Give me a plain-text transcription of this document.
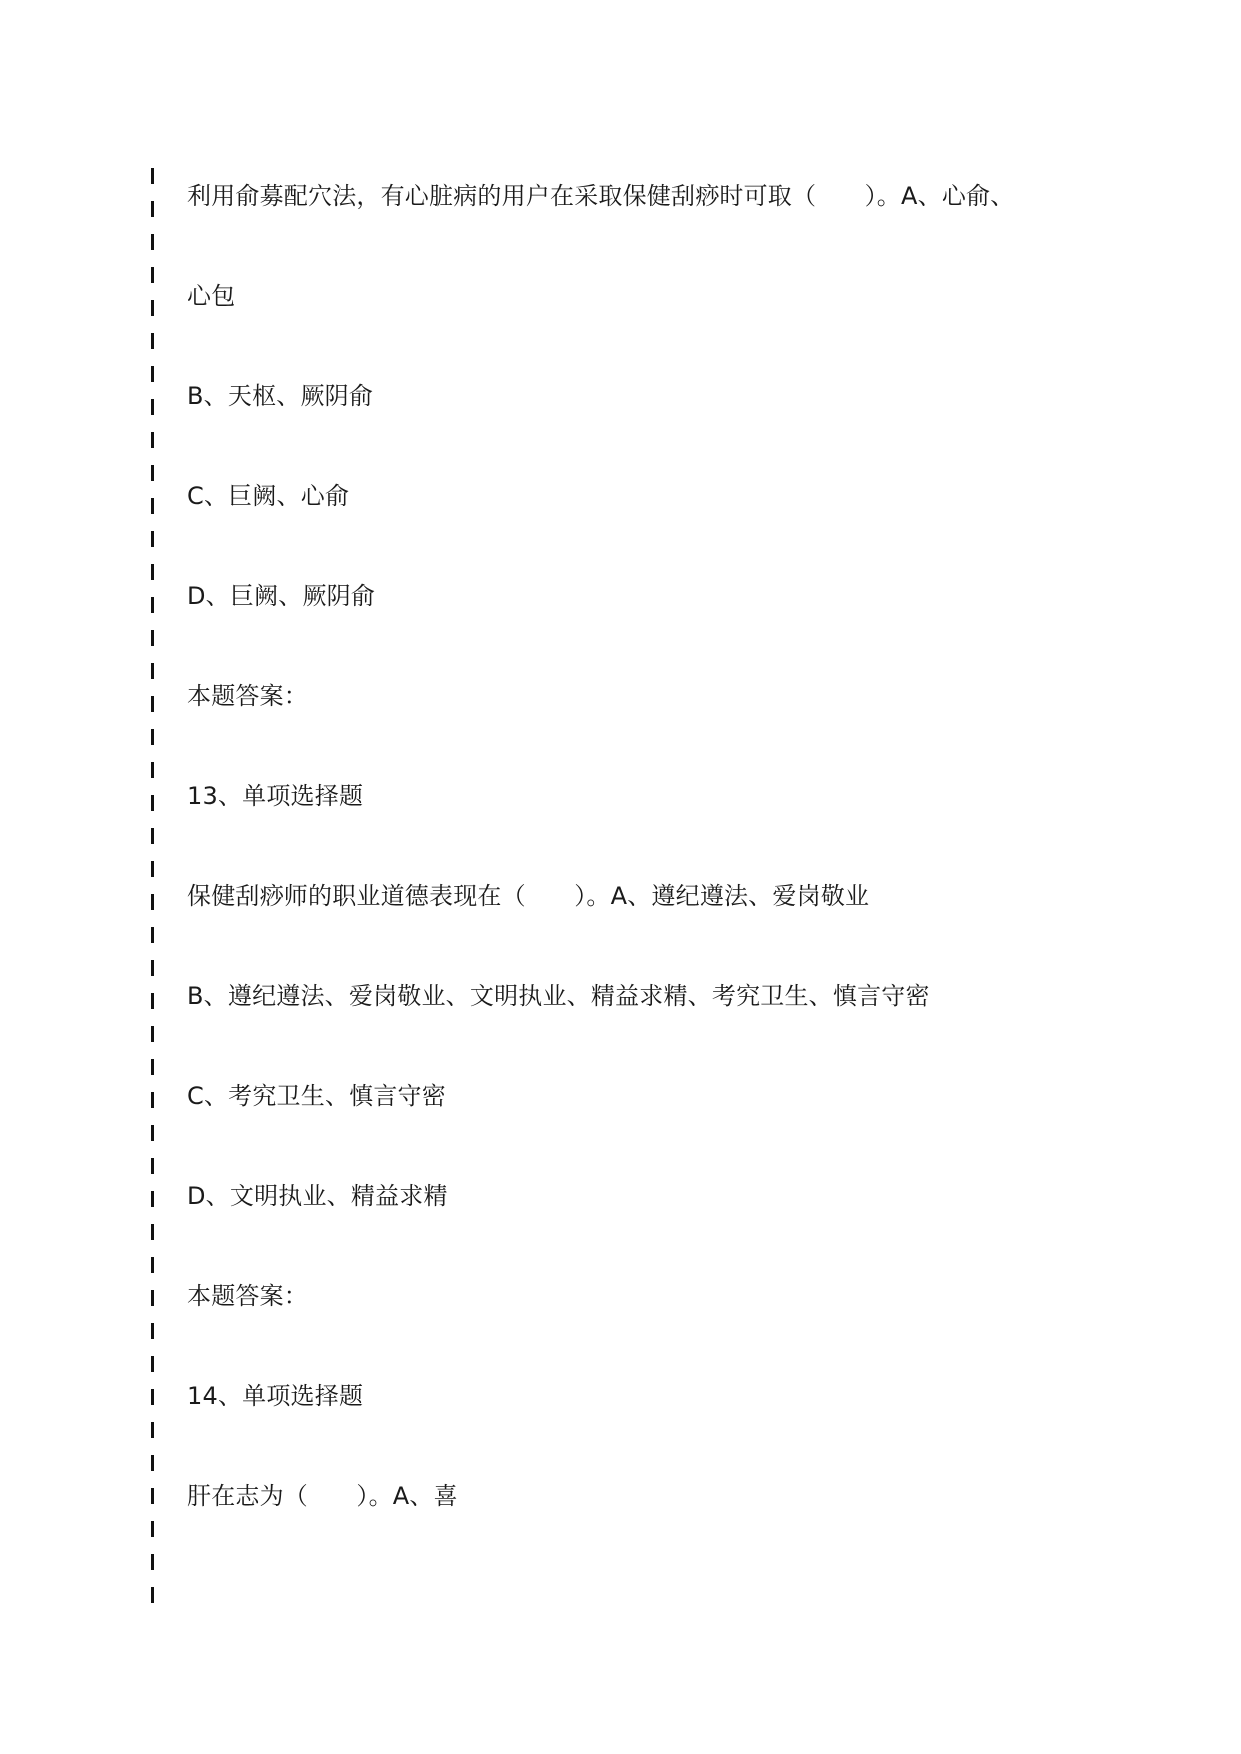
利用俞募配穴法，有心脏病的用户在采取保健刮痧时可取（　　）。A、心俞、
心包
B、天枢、厥阴俞
C、巨阙、心俞
D、巨阙、厥阴俞
本题答案：
13、单项选择题
保健刮痧师的职业道德表现在（　　）。A、遵纪遵法、爱岗敬业
B、遵纪遵法、爱岗敬业、文明执业、精益求精、考究卫生、慎言守密
C、考究卫生、慎言守密
D、文明执业、精益求精
本题答案：
14、单项选择题
肝在志为（　　）。A、喜
